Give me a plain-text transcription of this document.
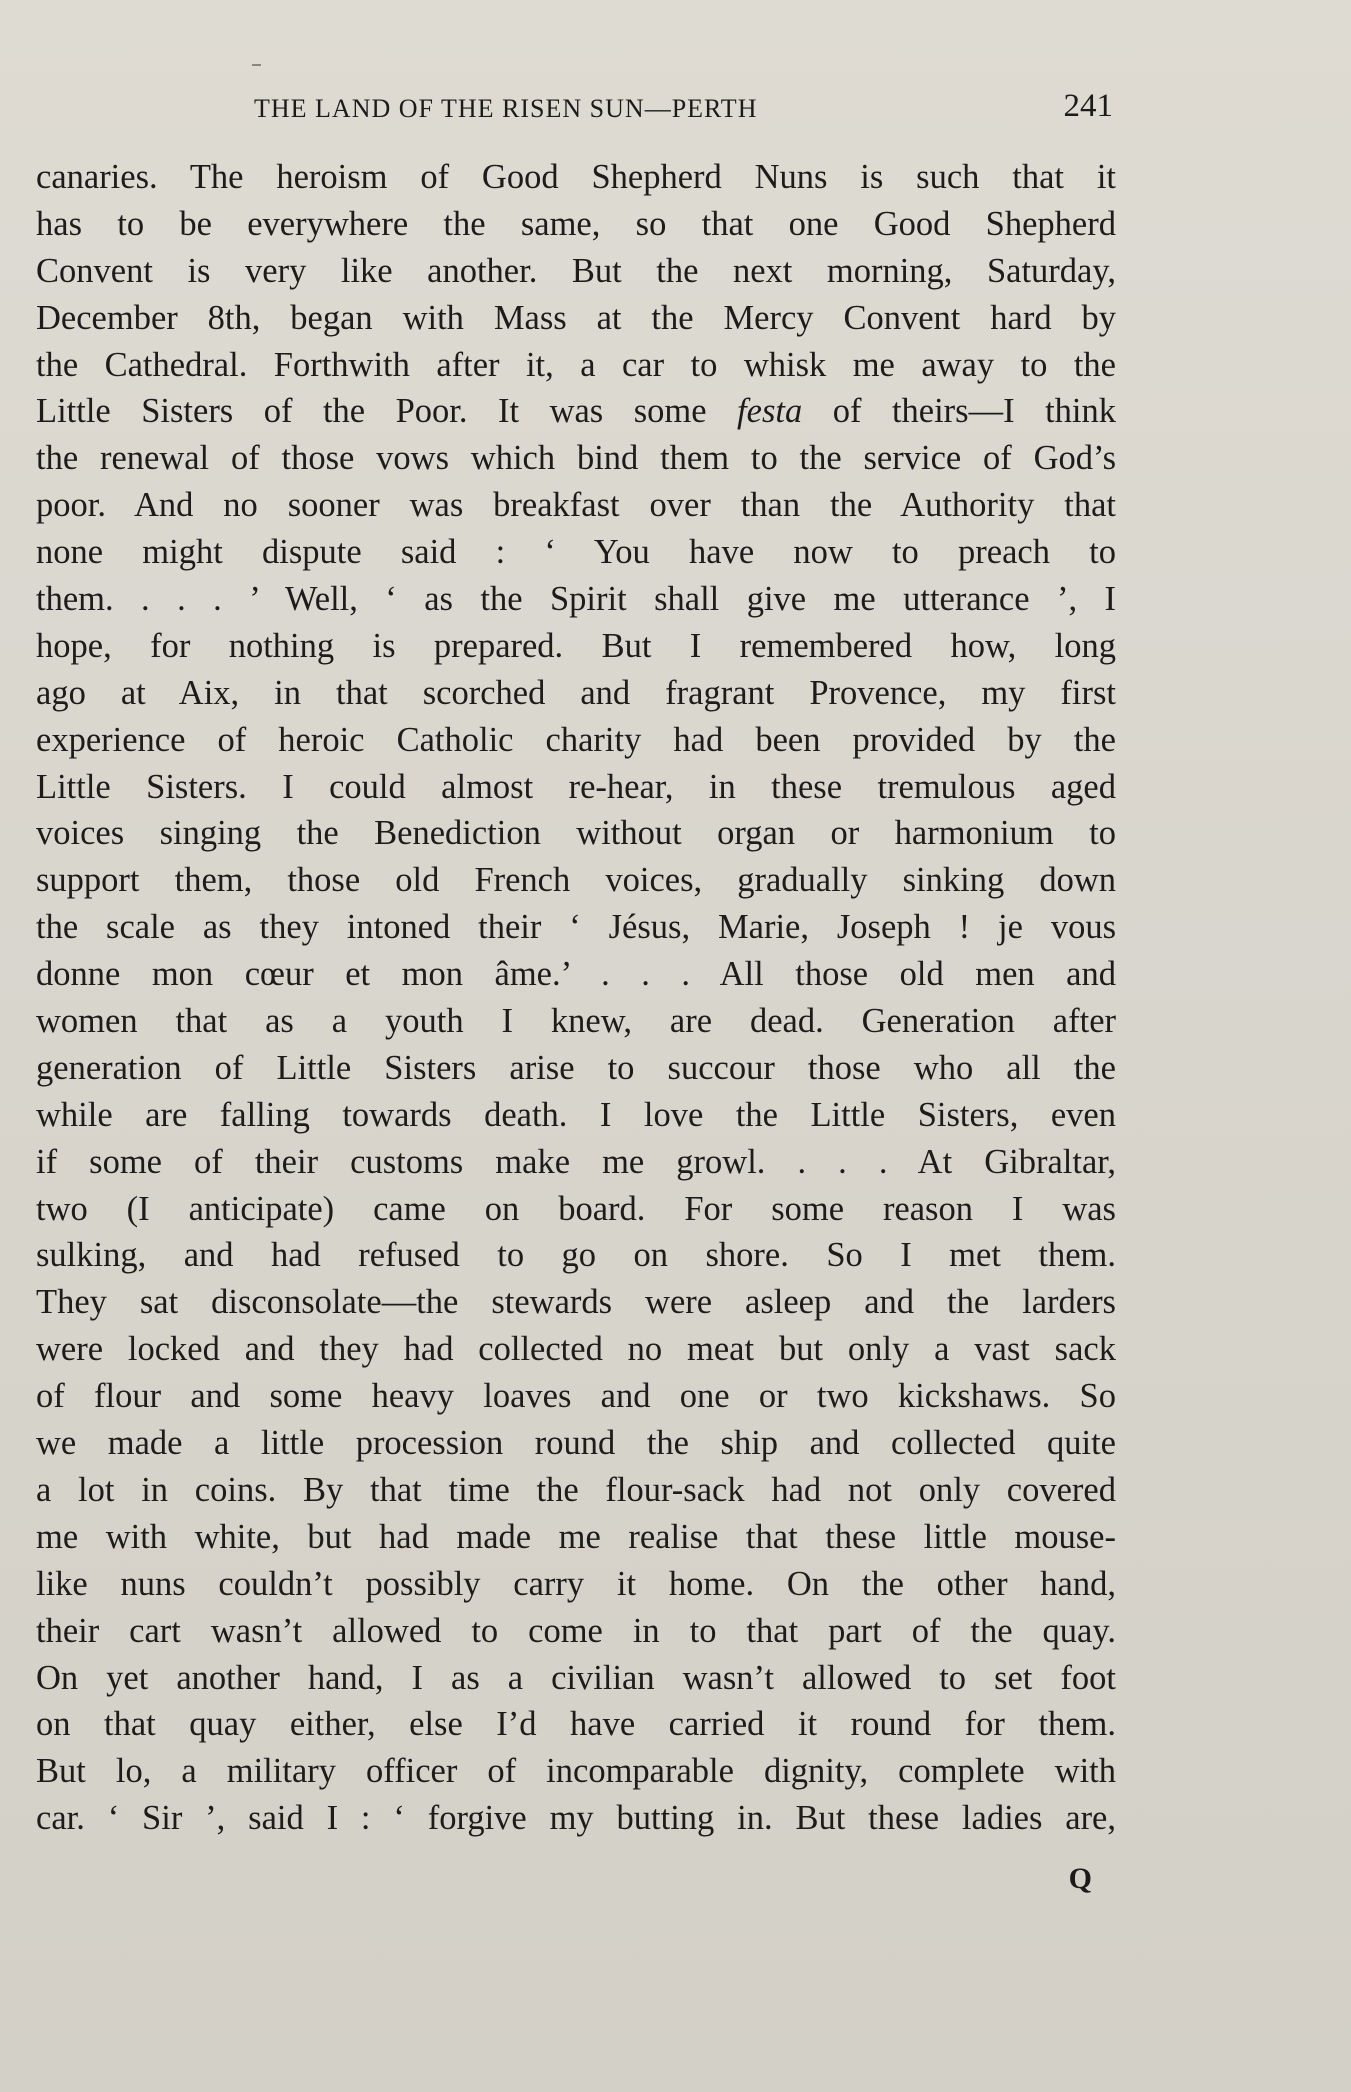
THE LAND OF THE RISEN SUN—PERTH	241
canaries. The heroism of Good Shepherd Nuns is such that it
has to be everywhere the same, so that one Good Shepherd
Convent is very like another. But the next morning, Saturday,
December 8th, began with Mass at the Mercy Convent hard by
the Cathedral. Forthwith after it, a car to whisk me away to the
Little Sisters of the Poor. It was some festa of theirs—I think
the renewal of those vows which bind them to the service of God’s
poor. And no sooner was breakfast over than the Authority that
none might dispute said : ‘ You have now to preach to
them. . . . ’ Well, ‘ as the Spirit shall give me utterance ’, I
hope, for nothing is prepared. But I remembered how, long
ago at Aix, in that scorched and fragrant Provence, my first
experience of heroic Catholic charity had been provided by the
Little Sisters. I could almost re-hear, in these tremulous aged
voices singing the Benediction without organ or harmonium to
support them, those old French voices, gradually sinking down
the scale as they intoned their ‘ Jésus, Marie, Joseph ! je vous
donne mon cœur et mon âme.’ . . . All those old men and
women that as a youth I knew, are dead. Generation after
generation of Little Sisters arise to succour those who all the
while are falling towards death. I love the Little Sisters, even
if some of their customs make me growl. . . . At Gibraltar,
two (I anticipate) came on board. For some reason I was
sulking, and had refused to go on shore. So I met them.
They sat disconsolate—the stewards were asleep and the larders
were locked and they had collected no meat but only a vast sack
of flour and some heavy loaves and one or two kickshaws. So
we made a little procession round the ship and collected quite
a lot in coins. By that time the flour-sack had not only covered
me with white, but had made me realise that these little mouse-
like nuns couldn’t possibly carry it home. On the other hand,
their cart wasn’t allowed to come in to that part of the quay.
On yet another hand, I as a civilian wasn’t allowed to set foot
on that quay either, else I’d have carried it round for them.
But lo, a military officer of incomparable dignity, complete with
car. ‘ Sir ’, said I : ‘ forgive my butting in. But these ladies are,
Q
